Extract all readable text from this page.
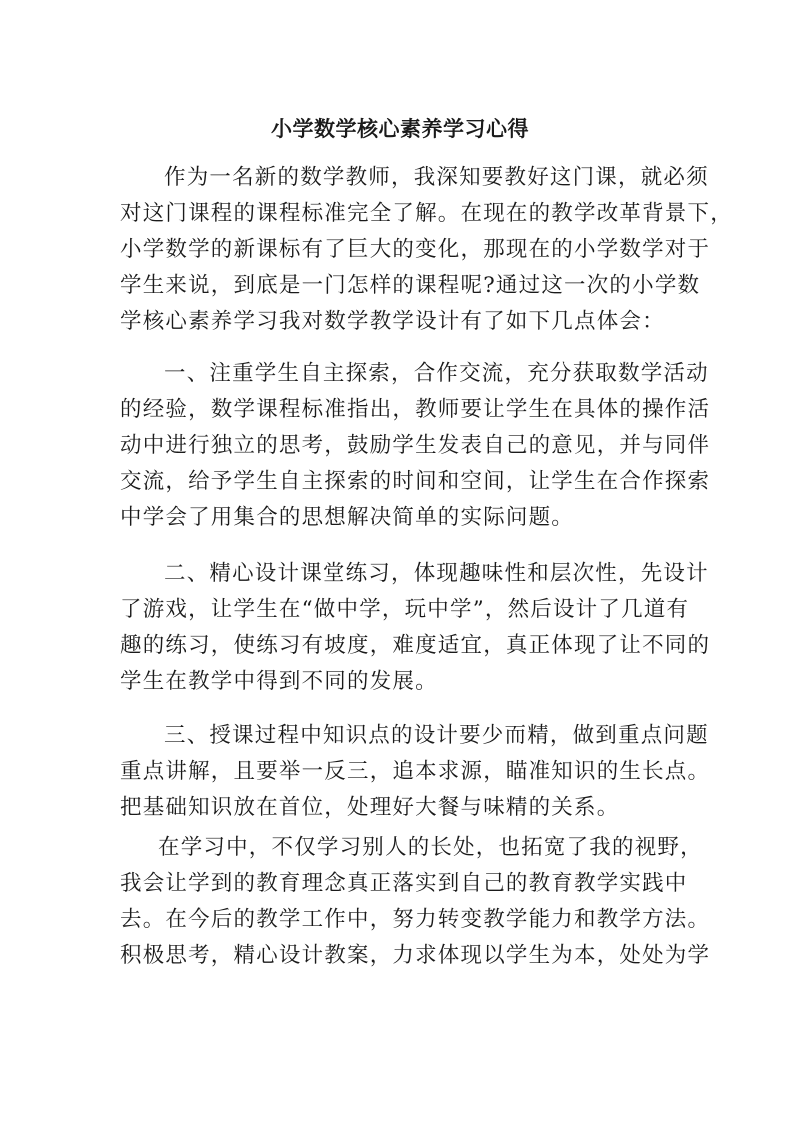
小学数学核心素养学习心得
作为一名新的数学教师，我深知要教好这门课，就必须
对这门课程的课程标准完全了解。在现在的教学改革背景下，
小学数学的新课标有了巨大的变化，那现在的小学数学对于
学生来说，到底是一门怎样的课程呢?通过这一次的小学数
学核心素养学习我对数学教学设计有了如下几点体会：
一、注重学生自主探索，合作交流，充分获取数学活动
的经验，数学课程标准指出，教师要让学生在具体的操作活
动中进行独立的思考，鼓励学生发表自己的意见，并与同伴
交流，给予学生自主探索的时间和空间，让学生在合作探索
中学会了用集合的思想解决简单的实际问题。
二、精心设计课堂练习，体现趣味性和层次性，先设计
了游戏，让学生在“做中学，玩中学”，然后设计了几道有
趣的练习，使练习有坡度，难度适宜，真正体现了让不同的
学生在教学中得到不同的发展。
三、授课过程中知识点的设计要少而精，做到重点问题
重点讲解，且要举一反三，追本求源，瞄准知识的生长点。
把基础知识放在首位，处理好大餐与味精的关系。
在学习中，不仅学习别人的长处，也拓宽了我的视野，
我会让学到的教育理念真正落实到自己的教育教学实践中
去。在今后的教学工作中，努力转变教学能力和教学方法。
积极思考，精心设计教案，力求体现以学生为本，处处为学
